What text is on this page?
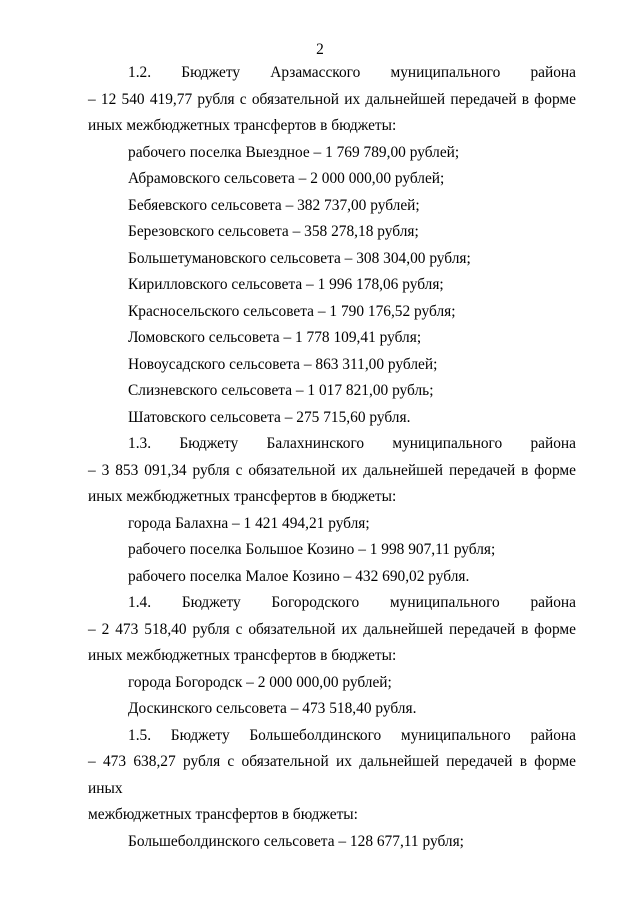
2
1.2. Бюджету Арзамасского муниципального района
– 12 540 419,77 рубля с обязательной их дальнейшей передачей в форме
иных межбюджетных трансфертов в бюджеты:
рабочего поселка Выездное – 1 769 789,00 рублей;
Абрамовского сельсовета – 2 000 000,00 рублей;
Бебяевского сельсовета – 382 737,00 рублей;
Березовского сельсовета – 358 278,18 рубля;
Большетумановского сельсовета – 308 304,00 рубля;
Кирилловского сельсовета – 1 996 178,06 рубля;
Красносельского сельсовета – 1 790 176,52 рубля;
Ломовского сельсовета – 1 778 109,41 рубля;
Новоусадского сельсовета – 863 311,00 рублей;
Слизневского сельсовета – 1 017 821,00 рубль;
Шатовского сельсовета – 275 715,60 рубля.
1.3. Бюджету Балахнинского муниципального района
– 3 853 091,34 рубля с обязательной их дальнейшей передачей в форме
иных межбюджетных трансфертов в бюджеты:
города Балахна – 1 421 494,21 рубля;
рабочего поселка Большое Козино – 1 998 907,11 рубля;
рабочего поселка Малое Козино – 432 690,02 рубля.
1.4. Бюджету Богородского муниципального района
– 2 473 518,40 рубля с обязательной их дальнейшей передачей в форме
иных межбюджетных трансфертов в бюджеты:
города Богородск – 2 000 000,00 рублей;
Доскинского сельсовета – 473 518,40 рубля.
1.5. Бюджету Большеболдинского муниципального района
– 473 638,27 рубля с обязательной их дальнейшей передачей в форме иных
межбюджетных трансфертов в бюджеты:
Большеболдинского сельсовета – 128 677,11 рубля;
